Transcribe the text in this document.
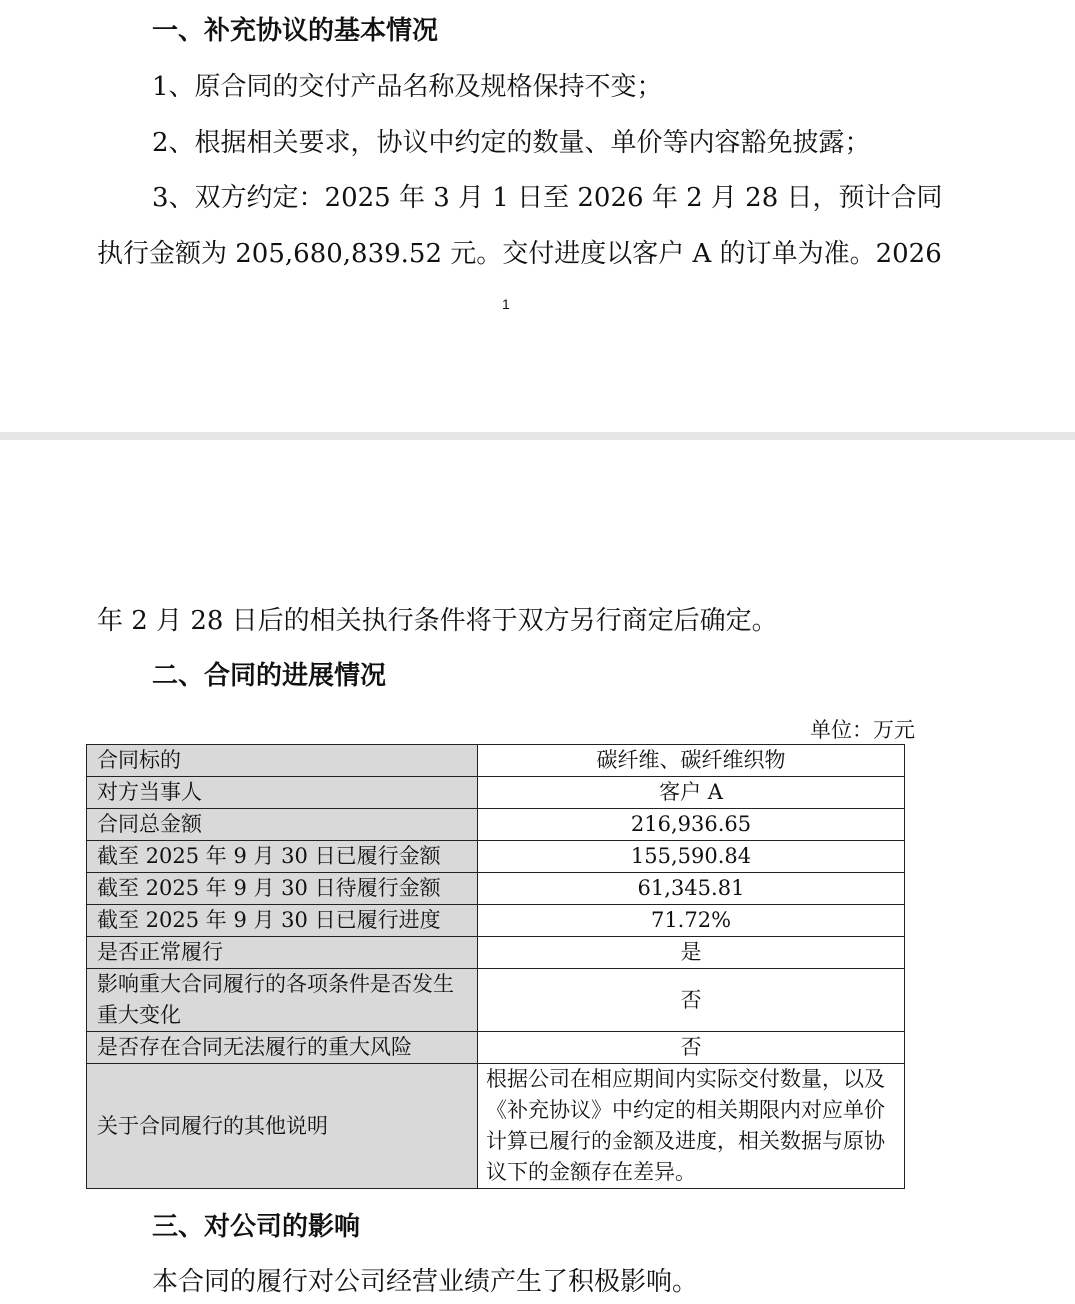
一、补充协议的基本情况
1、原合同的交付产品名称及规格保持不变；
2、根据相关要求，协议中约定的数量、单价等内容豁免披露；
3、双方约定：2025 年 3 月 1 日至 2026 年 2 月 28 日，预计合同
执行金额为 205,680,839.52 元。交付进度以客户 A 的订单为准。2026
1
年 2 月 28 日后的相关执行条件将于双方另行商定后确定。
二、合同的进展情况
单位：万元
合同标的	碳纤维、碳纤维织物
对方当事人	客户 A
合同总金额	216,936.65
截至 2025 年 9 月 30 日已履行金额	155,590.84
截至 2025 年 9 月 30 日待履行金额	61,345.81
截至 2025 年 9 月 30 日已履行进度	71.72%
是否正常履行	是
影响重大合同履行的各项条件是否发生重大变化	否
是否存在合同无法履行的重大风险	否
关于合同履行的其他说明	根据公司在相应期间内实际交付数量，以及《补充协议》中约定的相关期限内对应单价计算已履行的金额及进度，相关数据与原协议下的金额存在差异。
三、对公司的影响
本合同的履行对公司经营业绩产生了积极影响。
